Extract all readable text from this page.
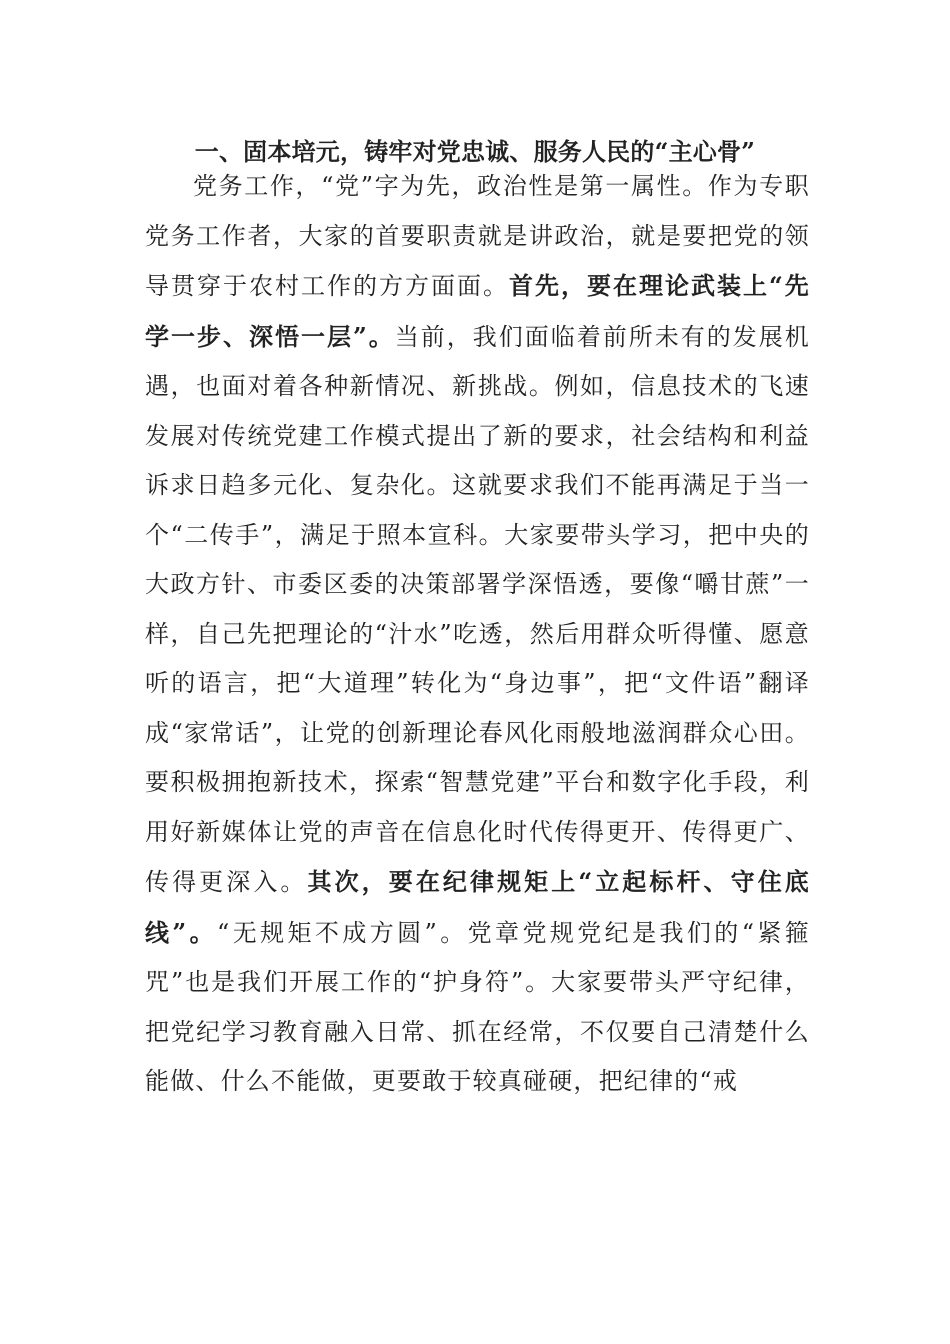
一、固本培元，铸牢对党忠诚、服务人民的“主心骨”

党务工作，“党”字为先，政治性是第一属性。作为专职党务工作者，大家的首要职责就是讲政治，就是要把党的领导贯穿于农村工作的方方面面。首先，要在理论武装上“先学一步、深悟一层”。当前，我们面临着前所未有的发展机遇，也面对着各种新情况、新挑战。例如，信息技术的飞速发展对传统党建工作模式提出了新的要求，社会结构和利益诉求日趋多元化、复杂化。这就要求我们不能再满足于当一个“二传手”，满足于照本宣科。大家要带头学习，把中央的大政方针、市委区委的决策部署学深悟透，要像“嚼甘蔗”一样，自己先把理论的“汁水”吃透，然后用群众听得懂、愿意听的语言，把“大道理”转化为“身边事”，把“文件语”翻译成“家常话”，让党的创新理论春风化雨般地滋润群众心田。要积极拥抱新技术，探索“智慧党建”平台和数字化手段，利用好新媒体让党的声音在信息化时代传得更开、传得更广、传得更深入。其次，要在纪律规矩上“立起标杆、守住底线”。“无规矩不成方圆”。党章党规党纪是我们的“紧箍咒”也是我们开展工作的“护身符”。大家要带头严守纪律，把党纪学习教育融入日常、抓在经常，不仅要自己清楚什么能做、什么不能做，更要敢于较真碰硬，把纪律的“戒
